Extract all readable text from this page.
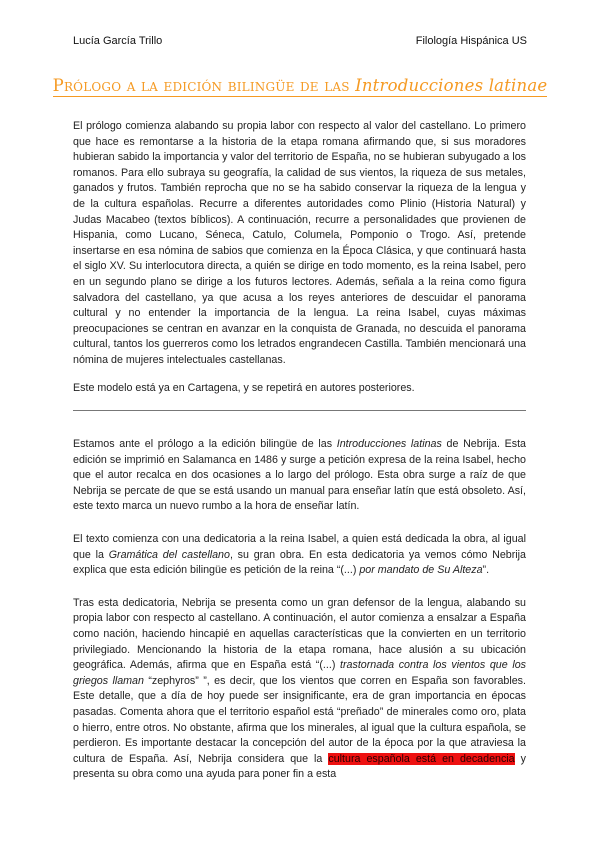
Lucía García Trillo	Filología Hispánica US
Prólogo a la edición bilingüe de las Introducciones latinae

El prólogo comienza alabando su propia labor con respecto al valor del castellano. Lo primero que hace es remontarse a la historia de la etapa romana afirmando que, si sus moradores hubieran sabido la importancia y valor del territorio de España, no se hubieran subyugado a los romanos. Para ello subraya su geografía, la calidad de sus vientos, la riqueza de sus metales, ganados y frutos. También reprocha que no se ha sabido conservar la riqueza de la lengua y de la cultura españolas. Recurre a diferentes autoridades como Plinio (Historia Natural) y Judas Macabeo (textos bíblicos). A continuación, recurre a personalidades que provienen de Hispania, como Lucano, Séneca, Catulo, Columela, Pomponio o Trogo. Así, pretende insertarse en esa nómina de sabios que comienza en la Época Clásica, y que continuará hasta el siglo XV. Su interlocutora directa, a quién se dirige en todo momento, es la reina Isabel, pero en un segundo plano se dirige a los futuros lectores. Además, señala a la reina como figura salvadora del castellano, ya que acusa a los reyes anteriores de descuidar el panorama cultural y no entender la importancia de la lengua. La reina Isabel, cuyas máximas preocupaciones se centran en avanzar en la conquista de Granada, no descuida el panorama cultural, tantos los guerreros como los letrados engrandecen Castilla. También mencionará una nómina de mujeres intelectuales castellanas.

Este modelo está ya en Cartagena, y se repetirá en autores posteriores.

Estamos ante el prólogo a la edición bilingüe de las Introducciones latinas de Nebrija. Esta edición se imprimió en Salamanca en 1486 y surge a petición expresa de la reina Isabel, hecho que el autor recalca en dos ocasiones a lo largo del prólogo. Esta obra surge a raíz de que Nebrija se percate de que se está usando un manual para enseñar latín que está obsoleto. Así, este texto marca un nuevo rumbo a la hora de enseñar latín.

El texto comienza con una dedicatoria a la reina Isabel, a quien está dedicada la obra, al igual que la Gramática del castellano, su gran obra. En esta dedicatoria ya vemos cómo Nebrija explica que esta edición bilingüe es petición de la reina “(...) por mandato de Su Alteza”.

Tras esta dedicatoria, Nebrija se presenta como un gran defensor de la lengua, alabando su propia labor con respecto al castellano. A continuación, el autor comienza a ensalzar a España como nación, haciendo hincapié en aquellas características que la convierten en un territorio privilegiado. Mencionando la historia de la etapa romana, hace alusión a su ubicación geográfica. Además, afirma que en España está “(...) trastornada contra los vientos que los griegos llaman “zephyros” ”, es decir, que los vientos que corren en España son favorables. Este detalle, que a día de hoy puede ser insignificante, era de gran importancia en épocas pasadas. Comenta ahora que el territorio español está “preñado” de minerales como oro, plata o hierro, entre otros. No obstante, afirma que los minerales, al igual que la cultura española, se perdieron. Es importante destacar la concepción del autor de la época por la que atraviesa la cultura de España. Así, Nebrija considera que la cultura española está en decadencia y presenta su obra como una ayuda para poner fin a esta
